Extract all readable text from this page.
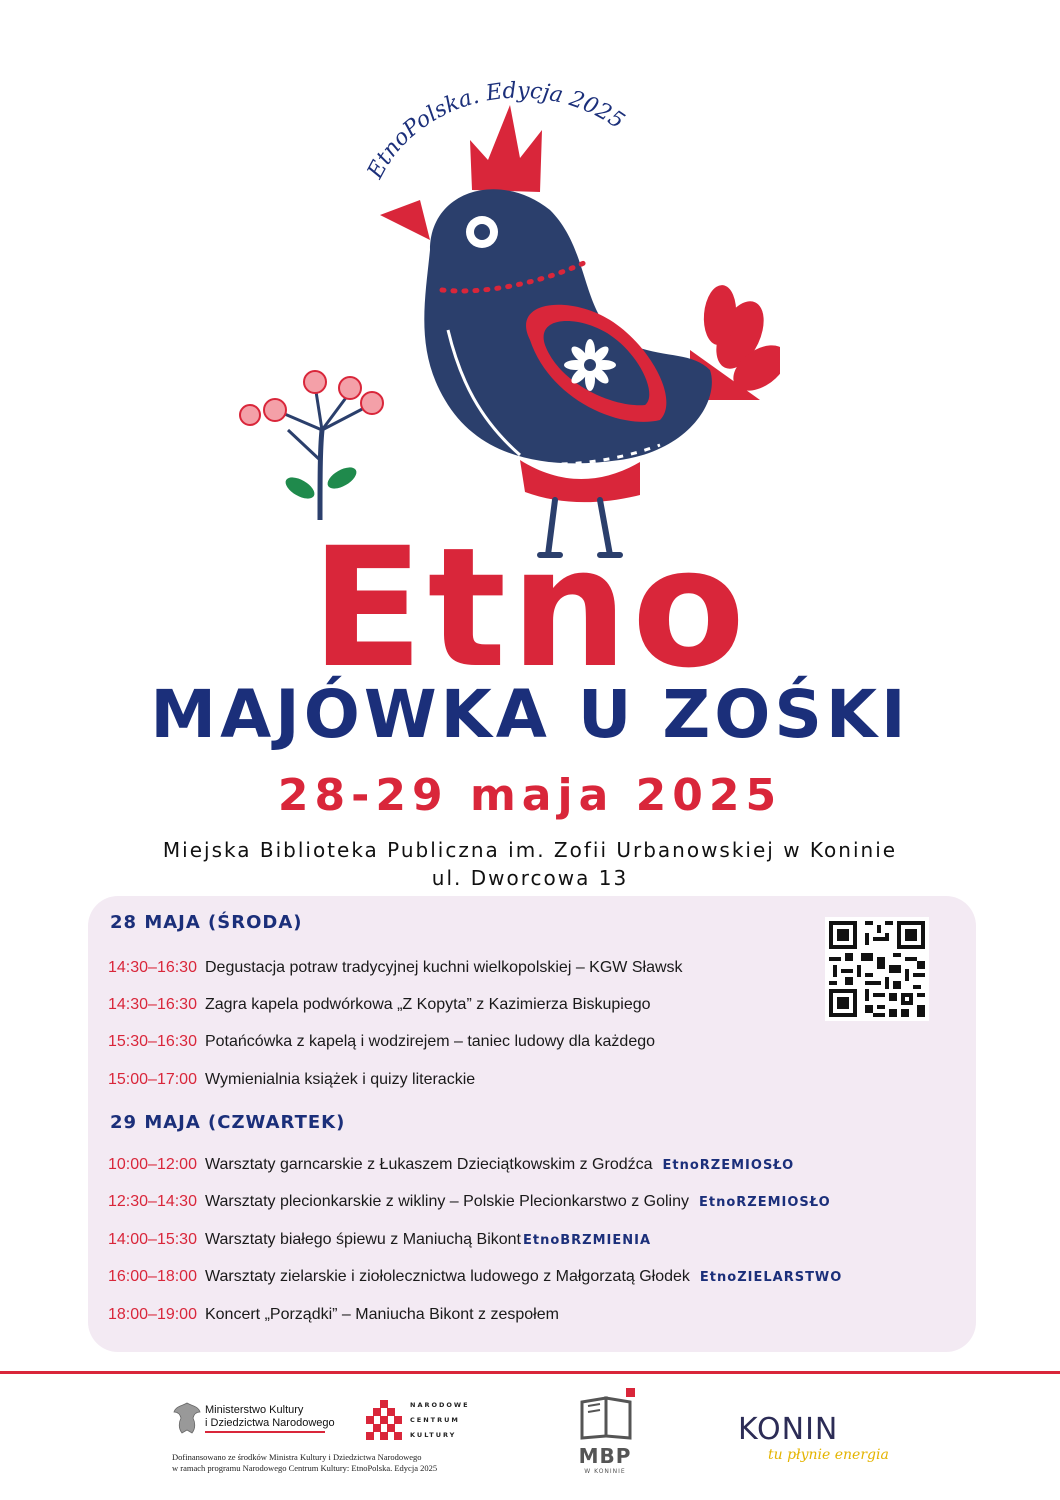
EtnoPolska. Edycja 2025
Etno
MAJÓWKA U ZOŚKI
28-29 maja 2025
Miejska Biblioteka Publiczna im. Zofii Urbanowskiej w Koninie
ul. Dworcowa 13
28 MAJA (ŚRODA)
14:30–16:30 Degustacja potraw tradycyjnej kuchni wielkopolskiej – KGW Sławsk
14:30–16:30 Zagra kapela podwórkowa „Z Kopyta” z Kazimierza Biskupiego
15:30–16:30 Potańcówka z kapelą i wodzirejem – taniec ludowy dla każdego
15:00–17:00 Wymienialnia książek i quizy literackie
29 MAJA (CZWARTEK)
10:00–12:00 Warsztaty garncarskie z Łukaszem Dzieciątkowskim z Grodźca EtnoRZEMIOSŁO
12:30–14:30 Warsztaty plecionkarskie z wikliny – Polskie Plecionkarstwo z Goliny EtnoRZEMIOSŁO
14:00–15:30 Warsztaty białego śpiewu z Maniuchą Bikont EtnoBRZMIENIA
16:00–18:00 Warsztaty zielarskie i ziołolecznictwa ludowego z Małgorzatą Głodek EtnoZIELARSTWO
18:00–19:00 Koncert „Porządki” – Maniucha Bikont z zespołem
Ministerstwo Kultury
i Dziedzictwa Narodowego
NARODOWE
CENTRUM
KULTURY
Dofinansowano ze środków Ministra Kultury i Dziedzictwa Narodowego
w ramach programu Narodowego Centrum Kultury: EtnoPolska. Edycja 2025	MBP
W KONINIE
KONIN
tu płynie energia
